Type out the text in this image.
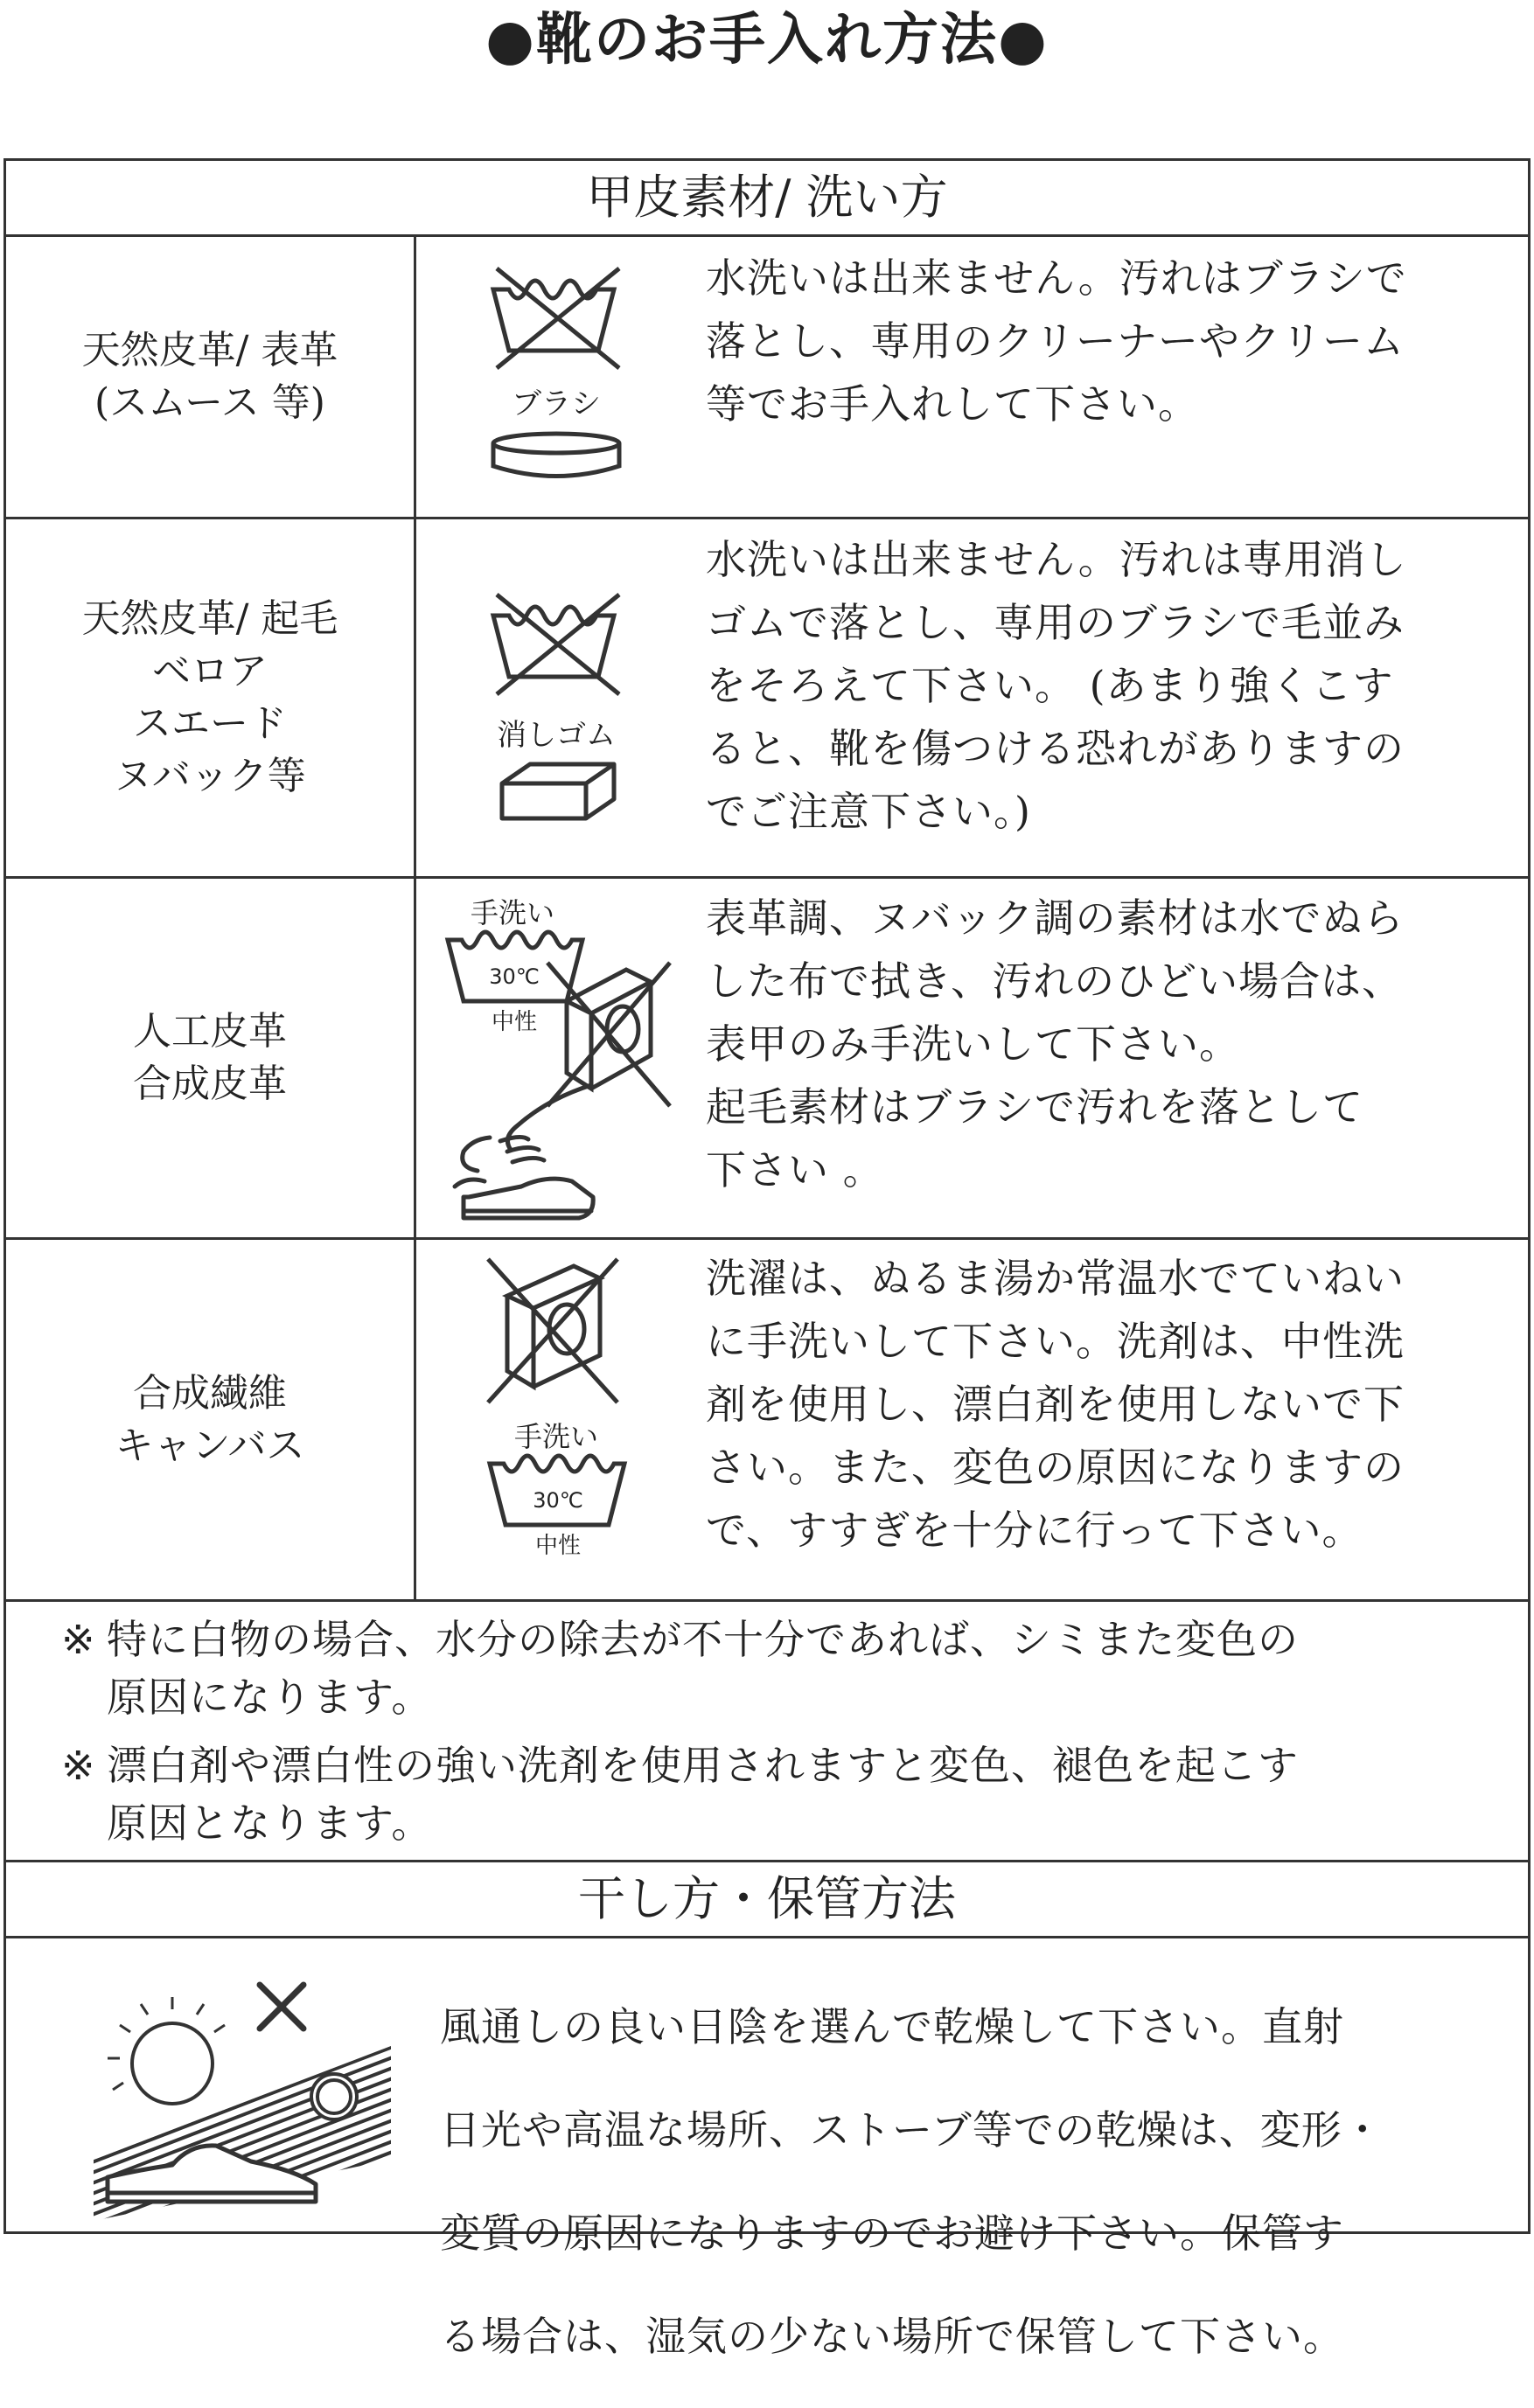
●靴のお手入れ方法●
甲皮素材/ 洗い方
天然皮革/ 表革
(スムース 等)	ブラシ

水洗いは出来ません。汚れはブラシで

落とし、専用のクリーナーやクリーム

等でお手入れして下さい。

天然皮革/ 起毛
ベロア
スエード
ヌバック等
消しゴム

水洗いは出来ません。汚れは専用消し

ゴムで落とし、専用のブラシで毛並み

をそろえて下さい。 (あまり強くこす

ると、靴を傷つける恐れがありますの

でご注意下さい。)

人工皮革
合成皮革
手洗い
30℃
中性

表革調、ヌバック調の素材は水でぬら

した布で拭き、汚れのひどい場合は、

表甲のみ手洗いして下さい。

起毛素材はブラシで汚れを落として

下さい 。

合成繊維
キャンバス	手洗い
30℃
中性

洗濯は、ぬるま湯か常温水でていねい

に手洗いして下さい。洗剤は、中性洗

剤を使用し、漂白剤を使用しないで下

さい。また、変色の原因になりますの

で、すすぎを十分に行って下さい。

干し方・保管方法

風通しの良い日陰を選んで乾燥して下さい。直射

日光や高温な場所、ストーブ等での乾燥は、変形・

変質の原因になりますのでお避け下さい。保管す

る場合は、湿気の少ない場所で保管して下さい。

※ 特に白物の場合、水分の除去が不十分であれば、シミまた変色の

原因になります。

※ 漂白剤や漂白性の強い洗剤を使用されますと変色、褪色を起こす

原因となります。
